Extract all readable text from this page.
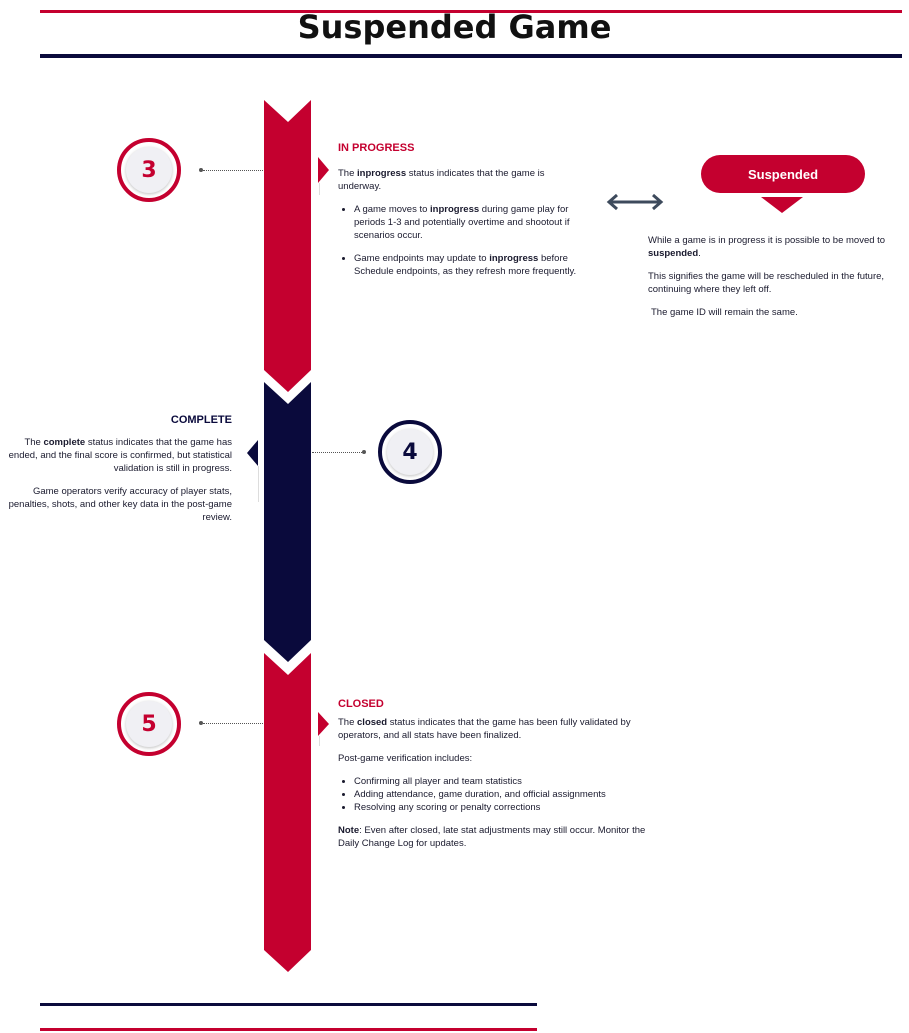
Suspended Game
3
IN PROGRESS

The inprogress status indicates that the game is underway.

• A game moves to inprogress during game play for periods 1-3 and potentially overtime and shootout if scenarios occur.
• Game endpoints may update to inprogress before Schedule endpoints, as they refresh more frequently.
Suspended

While a game is in progress it is possible to be moved to suspended.

This signifies the game will be rescheduled in the future, continuing where they left off.

The game ID will remain the same.

COMPLETE

The complete status indicates that the game has ended, and the final score is confirmed, but statistical validation is still in progress.

Game operators verify accuracy of player stats, penalties, shots, and other key data in the post-game review.

4
5
CLOSED

The closed status indicates that the game has been fully validated by operators, and all stats have been finalized.

Post-game verification includes:

• Confirming all player and team statistics
• Adding attendance, game duration, and official assignments
• Resolving any scoring or penalty corrections

Note: Even after closed, late stat adjustments may still occur. Monitor the Daily Change Log for updates.
